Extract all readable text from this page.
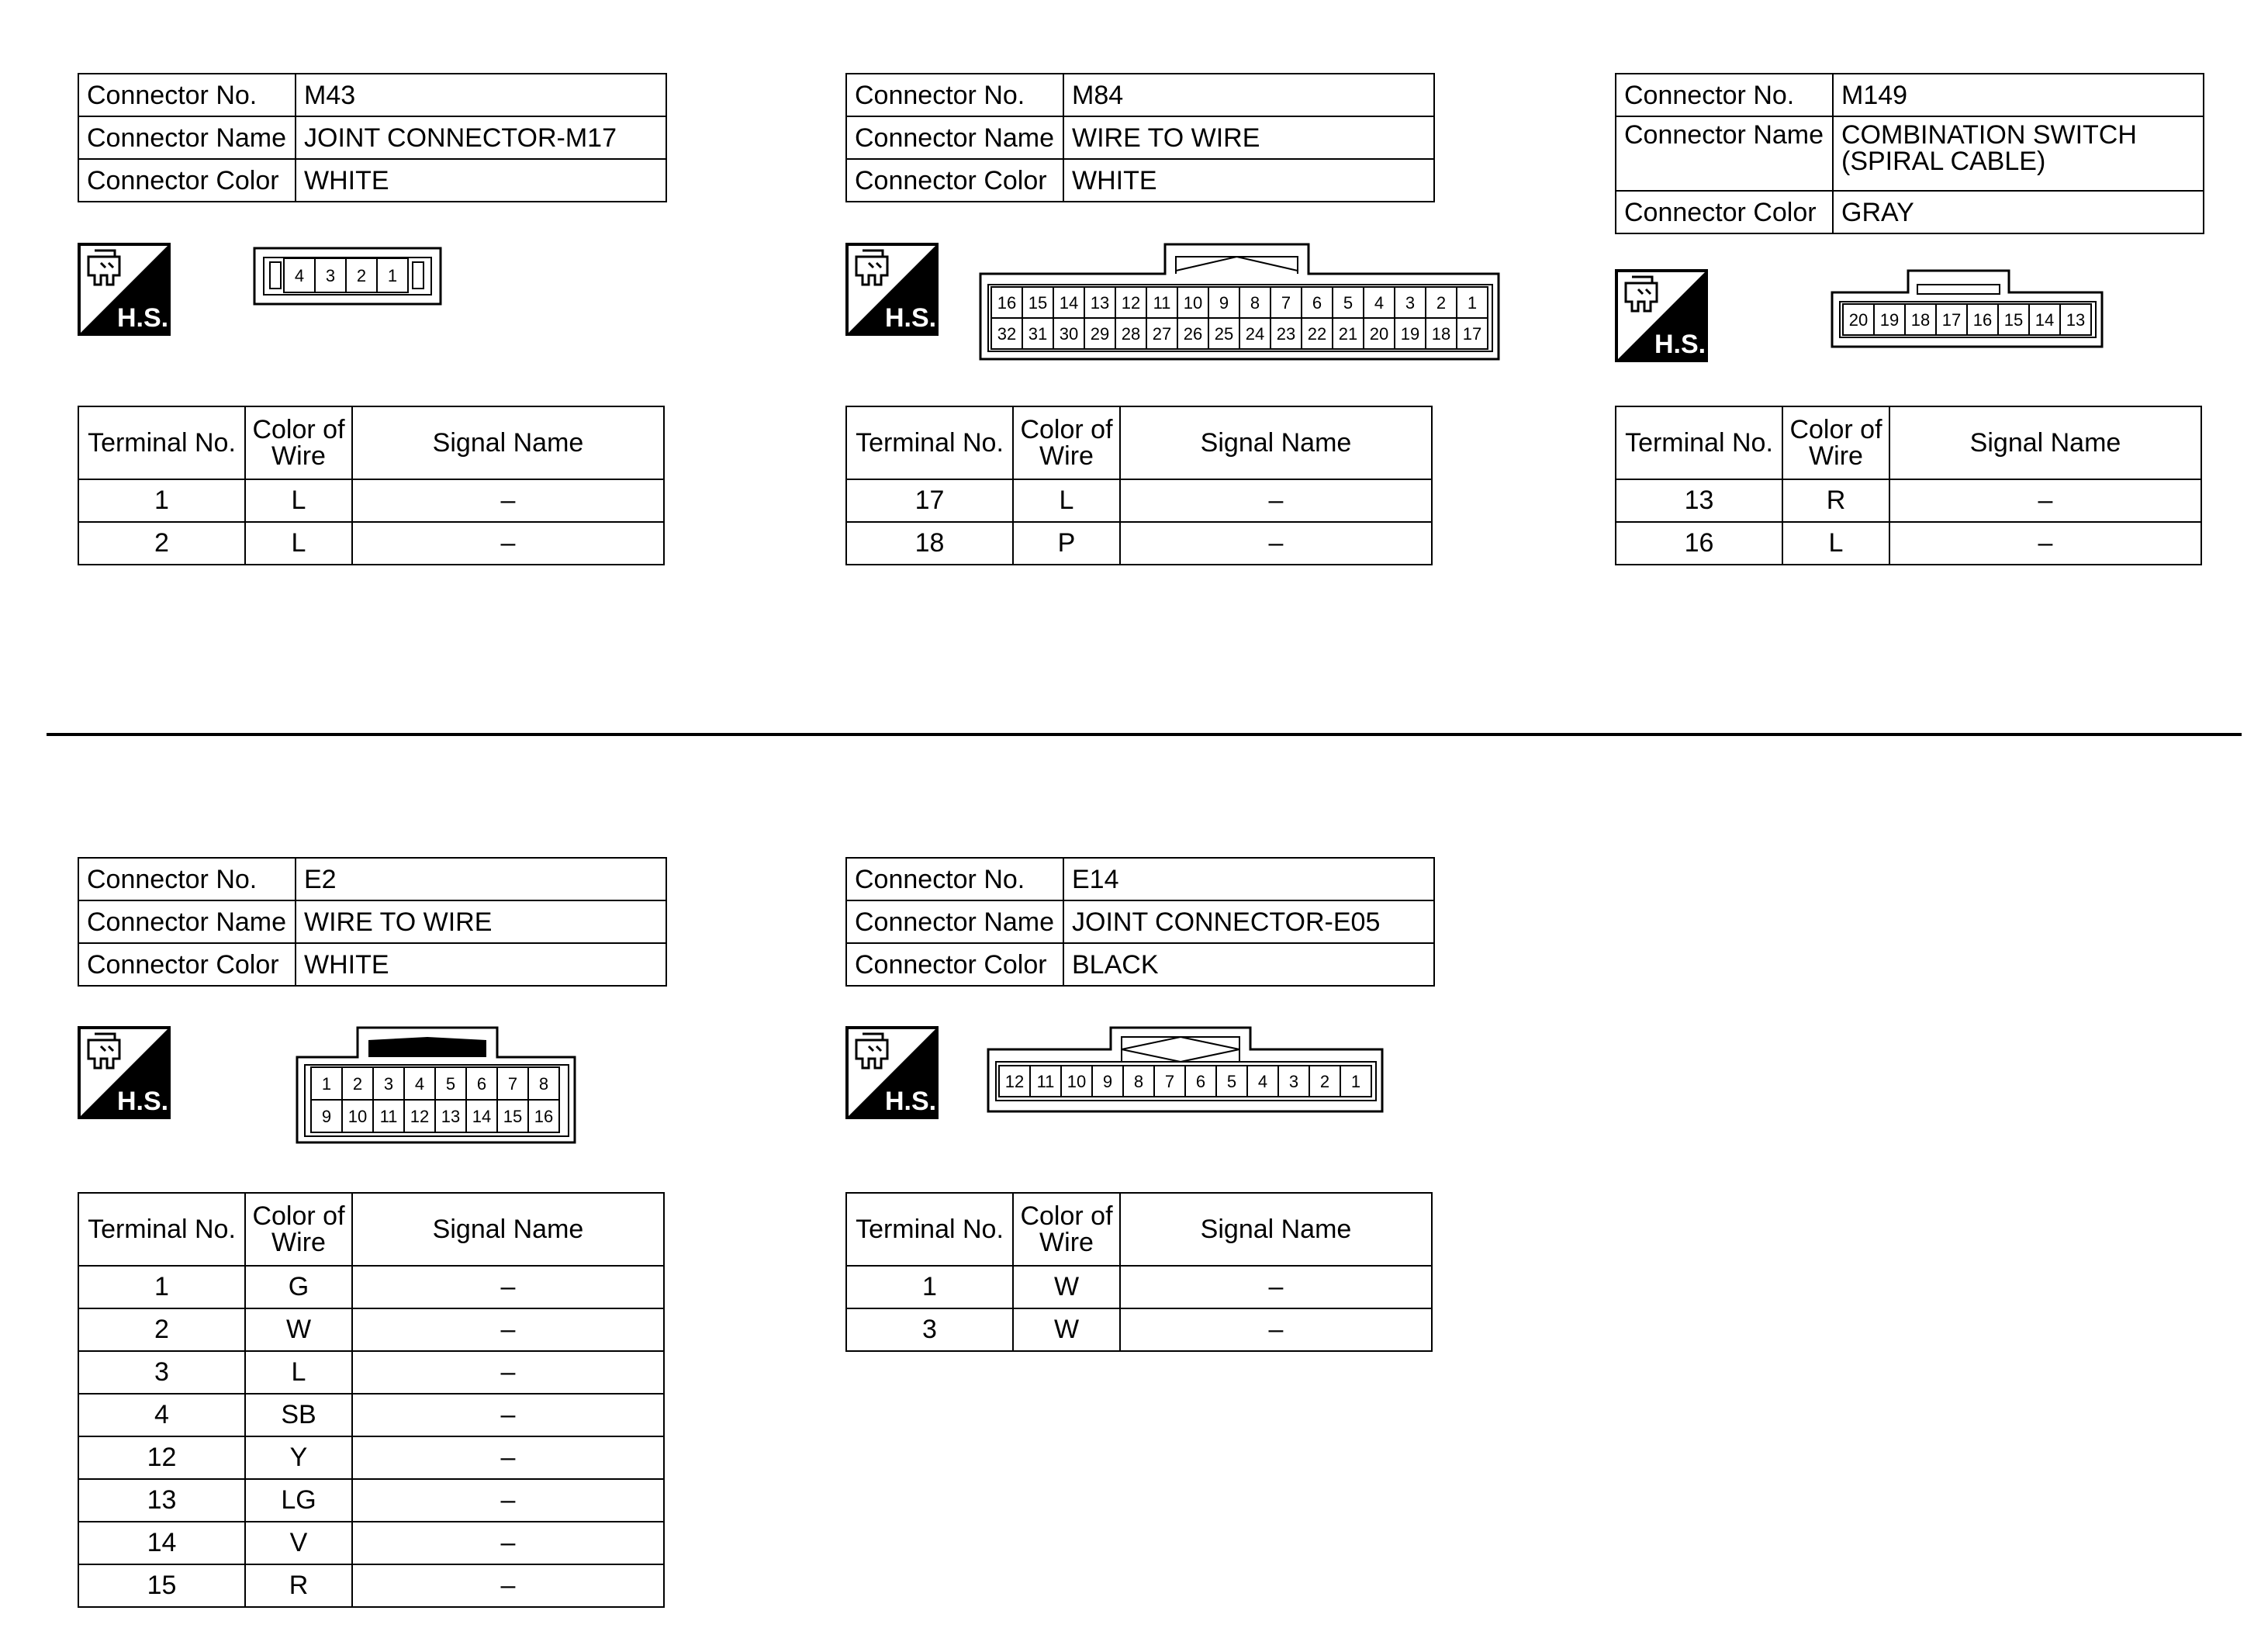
Connector No.	M43
Connector Name	JOINT CONNECTOR-M17
Connector Color	WHITE
Terminal No.	Color of Wire	Signal Name
1	L	–
2	L	–
Connector No.	M84
Connector Name	WIRE TO WIRE
Connector Color	WHITE
Terminal No.	Color of Wire	Signal Name
17	L	–
18	P	–
Connector No.	M149
Connector Name	COMBINATION SWITCH (SPIRAL CABLE)
Connector Color	GRAY
Terminal No.	Color of Wire	Signal Name
13	R	–
16	L	–
Connector No.	E2
Connector Name	WIRE TO WIRE
Connector Color	WHITE
Terminal No.	Color of Wire	Signal Name
1	G	–
2	W	–
3	L	–
4	SB	–
12	Y	–
13	LG	–
14	V	–
15	R	–
Connector No.	E14
Connector Name	JOINT CONNECTOR-E05
Connector Color	BLACK
Terminal No.	Color of Wire	Signal Name
1	W	–
3	W	–
H.S.
4 3 2 1
H.S.
16 15 14 13 12 11 10 9 8 7 6 5 4 3 2 1
32 31 30 29 28 27 26 25 24 23 22 21 20 19 18 17	H.S.
20 19 18 17 16 15 14 13
H.S.
1 2 3 4 5 6 7 8
9 10 11 12 13 14 15 16
H.S.
12 11 10 9 8 7 6 5 4 3 2 1
